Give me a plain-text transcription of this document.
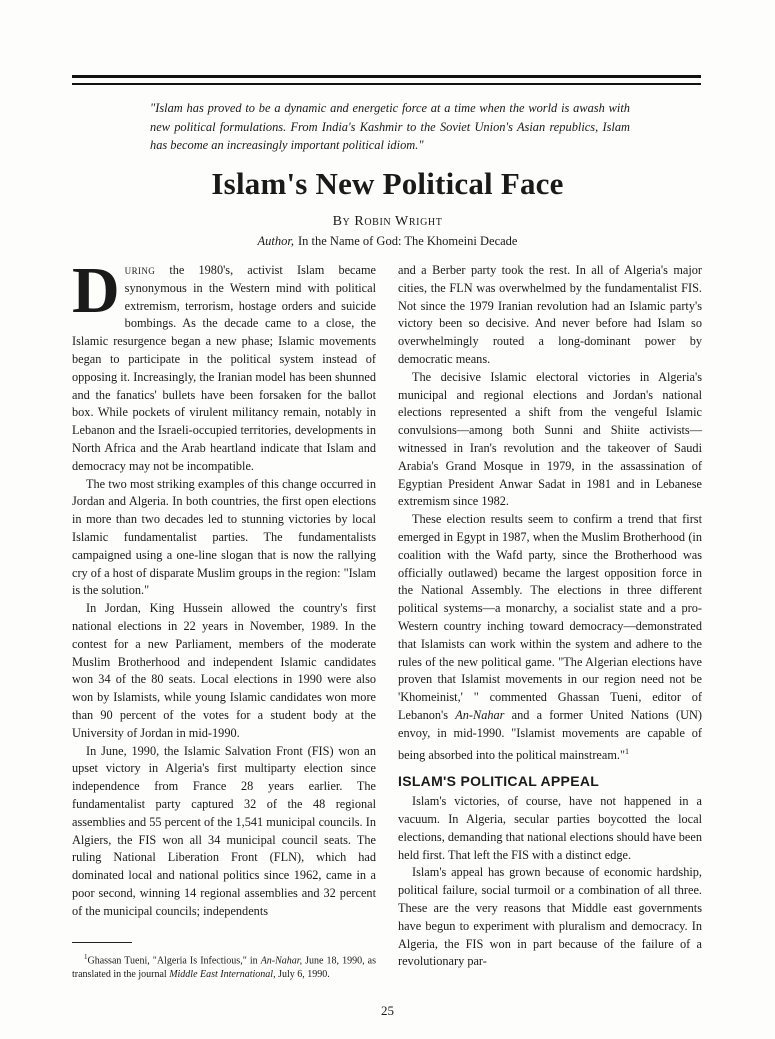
"Islam has proved to be a dynamic and energetic force at a time when the world is awash with new political formulations. From India's Kashmir to the Soviet Union's Asian republics, Islam has become an increasingly important political idiom."
Islam's New Political Face
By Robin Wright
Author, In the Name of God: The Khomeini Decade

During the 1980's, activist Islam became synonymous in the Western mind with political extremism, terrorism, hostage orders and suicide bombings. As the decade came to a close, the Islamic resurgence began a new phase; Islamic movements began to participate in the political system instead of opposing it. Increasingly, the Iranian model has been shunned and the fanatics' bullets have been forsaken for the ballot box. While pockets of virulent militancy remain, notably in Lebanon and the Israeli-occupied territories, developments in North Africa and the Arab heartland indicate that Islam and democracy may not be incompatible.

The two most striking examples of this change occurred in Jordan and Algeria. In both countries, the first open elections in more than two decades led to stunning victories by local Islamic fundamentalist parties. The fundamentalists campaigned using a one-line slogan that is now the rallying cry of a host of disparate Muslim groups in the region: "Islam is the solution."

In Jordan, King Hussein allowed the country's first national elections in 22 years in November, 1989. In the contest for a new Parliament, members of the moderate Muslim Brotherhood and independent Islamic candidates won 34 of the 80 seats. Local elections in 1990 were also won by Islamists, while young Islamic candidates won more than 90 percent of the votes for a student body at the University of Jordan in mid-1990.

In June, 1990, the Islamic Salvation Front (FIS) won an upset victory in Algeria's first multiparty election since independence from France 28 years earlier. The fundamentalist party captured 32 of the 48 regional assemblies and 55 percent of the 1,541 municipal councils. In Algiers, the FIS won all 34 municipal council seats. The ruling National Liberation Front (FLN), which had dominated local and national politics since 1962, came in a poor second, winning 14 regional assemblies and 32 percent of the municipal councils; independents

and a Berber party took the rest. In all of Algeria's major cities, the FLN was overwhelmed by the fundamentalist FIS. Not since the 1979 Iranian revolution had an Islamic party's victory been so decisive. And never before had Islam so overwhelmingly routed a long-dominant power by democratic means.

The decisive Islamic electoral victories in Algeria's municipal and regional elections and Jordan's national elections represented a shift from the vengeful Islamic convulsions—among both Sunni and Shiite activists—witnessed in Iran's revolution and the takeover of Saudi Arabia's Grand Mosque in 1979, in the assassination of Egyptian President Anwar Sadat in 1981 and in Lebanese extremism since 1982.

These election results seem to confirm a trend that first emerged in Egypt in 1987, when the Muslim Brotherhood (in coalition with the Wafd party, since the Brotherhood was officially outlawed) became the largest opposition force in the National Assembly. The elections in three different political systems—a monarchy, a socialist state and a pro-Western country inching toward democracy—demonstrated that Islamists can work within the system and adhere to the rules of the new political game. "The Algerian elections have proven that Islamist movements in our region need not be 'Khomeinist,' " commented Ghassan Tueni, editor of Lebanon's An-Nahar and a former United Nations (UN) envoy, in mid-1990. "Islamist movements are capable of being absorbed into the political mainstream."$^1$

ISLAM'S POLITICAL APPEAL

Islam's victories, of course, have not happened in a vacuum. In Algeria, secular parties boycotted the local elections, demanding that national elections should have been held first. That left the FIS with a distinct edge.

Islam's appeal has grown because of economic hardship, political failure, social turmoil or a combination of all three. These are the very reasons that Middle east governments have begun to experiment with pluralism and democracy. In Algeria, the FIS won in part because of the failure of a revolutionary par-

$^1$Ghassan Tueni, "Algeria Is Infectious," in An-Nahar, June 18, 1990, as translated in the journal Middle East International, July 6, 1990.
25
